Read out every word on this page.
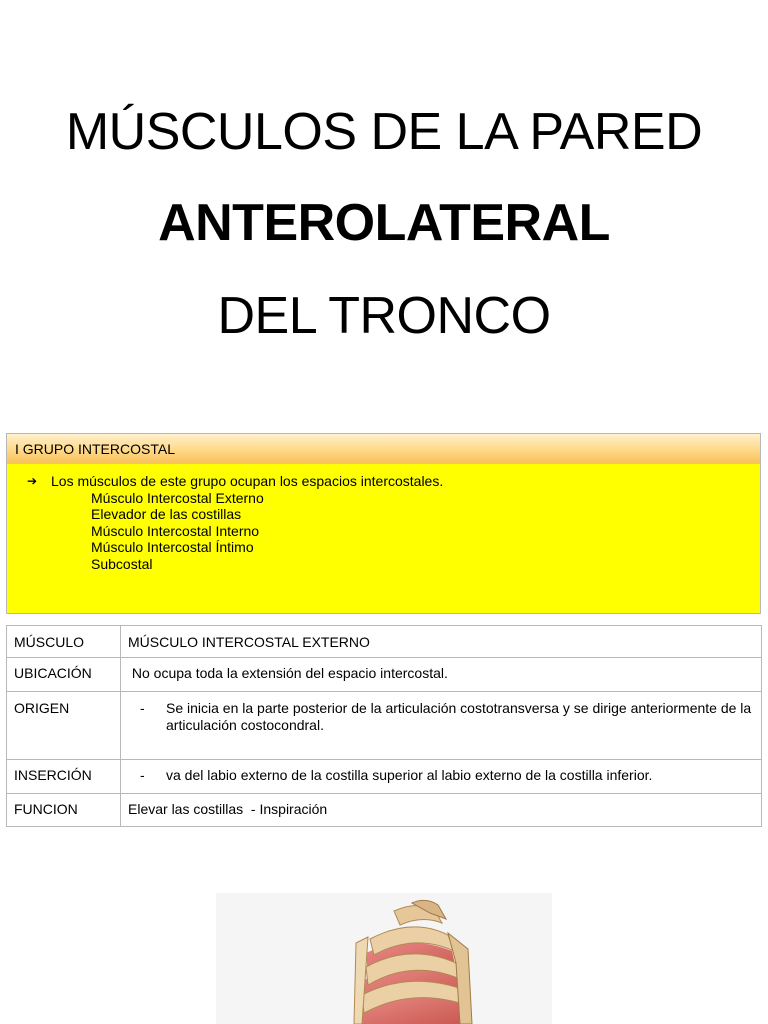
MÚSCULOS DE LA PARED
ANTEROLATERAL
DEL TRONCO
I GRUPO INTERCOSTAL
➔ Los músculos de este grupo ocupan los espacios intercostales.
Músculo Intercostal Externo
Elevador de las costillas
Músculo Intercostal Interno
Músculo Intercostal Íntimo
Subcostal
MÚSCULO	MÚSCULO INTERCOSTAL EXTERNO
UBICACIÓN	No ocupa toda la extensión del espacio intercostal.
ORIGEN	- Se inicia en la parte posterior de la articulación costotransversa y se dirige anteriormente de la articulación costocondral.

INSERCIÓN	- va del labio externo de la costilla superior al labio externo de la costilla inferior.

FUNCION	Elevar las costillas  - Inspiración
